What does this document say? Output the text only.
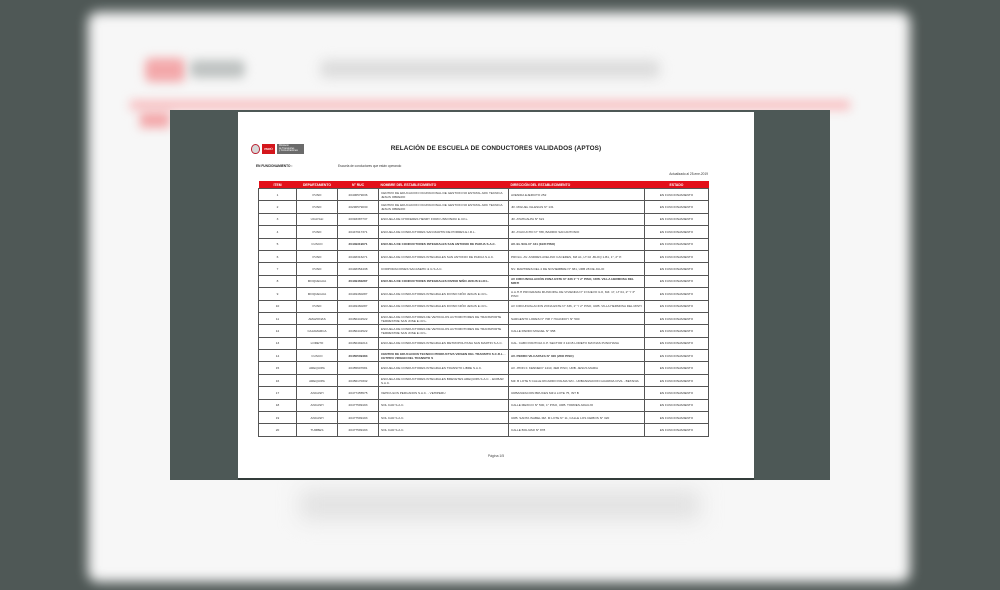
PERÚ
Ministerio
de Transportes
y Comunicaciones	RELACIÓN DE ESCUELA DE CONDUCTORES VALIDADOS (APTOS)
EN FUNCIONAMIENTO :	Escuela de conductores que están operando
Actualizado al 25-ene-2019
ITEM	DEPARTAMENTO	N° RUC	NOMBRE DEL ESTABLECIMIENTO	DIRECCIÓN DEL ESTABLECIMIENTO	ESTADO
1	PUNO	20406579036	CENTRO DE EDUCACION OCUPACIONAL DE GESTION NO ESTATAL ARC TECNICA JESUS OBRERO	AVENIDA EJERCITO 252	EN FUNCIONAMIENTO
2	PUNO	20296579030	CENTRO DE EDUCACION OCUPACIONAL DE GESTION NO ESTATAL ARC TECNICA JESUS OBRERO	JR. MIGUEL IGLESIAS N° 131	EN FUNCIONAMIENTO
3	UCAYALI	20393387737	ESCUELA DE CHOFERES HENRY FORD UNM PERU E.I.R.L.	JR. ATAHUALPA N° 621	EN FUNCIONAMIENTO
4	PUNO	20447917371	ESCUELA DE CONDUCTORES SAN MARTIN DE PORRES E.I.R.L.	JR. AYACUCHO N° 788, BARRIO SAN ANTONIO	EN FUNCIONAMIENTO
5	CUSCO	20449319071	ESCUELA DE CONDUCTORES INTEGRALES SAN ANTONIO DE PADUA S.A.C.	AV. EL SOL N° 441 (1ER PISO)	EN FUNCIONAMIENTO
6	PUNO	20448316271	ESCUELA DE CONDUCTORES INTEGRALES SAN ANTONIO DE PADUA S.A.C.	PROLG. AV. ANDRES AVELINO CACERES, MZ A1, LT 02 -BLOQ 1-B1, 1°, 2° P.	EN FUNCIONAMIENTO
7	PUNO	20448354438	CORPORACIONES SACASEHC & G S.A.C.	NV. MARTIRES DEL 4 DE NOVIEMBRE N° 381, URB 28 DE JULIO	EN FUNCIONAMIENTO
8	MOQUEGUA	20449460287	ESCUELA DE CONDUCTORES INTEGRALES DIVINO NIÑO JESUS E.I.R.L.	AV CIRCUNVALACIÓN ZONA ESTE N° 336 1° Y 2° PISO, URB. VILLA HERMOSA DEL MISTI	EN FUNCIONAMIENTO
9	MOQUEGUA	20449460287	ESCUELA DE CONDUCTORES INTEGRALES DIVINO NIÑO JESUS E.I.R.L.	A.A.H.H PROGRAMA MUNICIPAL DE VIVIENDA N° 9 NUEVO ILO, MZ. 17, LT 04, 2° Y 3° PISO	EN FUNCIONAMIENTO
10	PUNO	20449460287	ESCUELA DE CONDUCTORES INTEGRALES DIVINO NIÑO JESUS E.I.R.L.	AV CIRCUNVALACION ZONA ESTE N° 336, 1° Y 2° PISO, URB. VILLA HERMOSA DEL MISTI	EN FUNCIONAMIENTO
11	AMAZONAS	20450441522	ESCUELA DE CONDUCTORES DE VEHICULOS AUTOMOTORES DE TRANSPORTE TERRESTRE SAN JOSE E.I.R.L.	SARGENTO LORES N° 708 Y HUANDOY N° 500	EN FUNCIONAMIENTO
12	CAJAMARCA	20450441522	ESCUELA DE CONDUCTORES DE VEHICULOS AUTOMOTORES DE TRANSPORTE TERRESTRE SAN JOSE E.I.R.L.	CALLE PARDO MIGUEL N° 958	EN FUNCIONAMIENTO
13	LORETO	20450492214	ESCUELA DE CONDUCTORES INTEGRALES METROPOLITANA SAN MARTIN S.A.C.	CAL. CABO PANTOJA C.P. SECTOR 3 12/15 LORETO MAYNAS PUNCHANA	EN FUNCIONAMIENTO
14	CUSCO	20450509483	CENTRO DE EDUCACION TECNICO PRODUCTIVA VIRGEN DEL TRANSITO S.C.R.L. - CETPRO VIRGEN DEL TRANSITO S	AV. PEDRO VILCAPAZA N° 300 (2DO PISO)	EN FUNCIONAMIENTO
15	AREQUIPA	20455607681	ESCUELA DE CONDUCTORES INTEGRALES TRANSITO LIBRE S.A.C.	AV. JHON F. KENNEDY 1410, 3ER PISO, URB. JESUS MARIA	EN FUNCIONAMIENTO
16	AREQUIPA	20456170332	ESCUELA DE CONDUCTORES INTEGRALES BREVETES AREQUIPA S.A.C. - ECIBAR S.A.C.	MZ. B LOTE 5 CALLE RICARDO PALMA S/N - URBANIZACION GUARDIA CIVIL - BETANIA	EN FUNCIONAMIENTO
17	ANCASH	20477455575	VEHICULOS PERUANOS S.A.C. - VEHIPERU	URBANIZACION BRUCES MZ A LOTE 75, INT B	EN FUNCIONAMIENTO
18	ANCASH	20477599193	SOL CAR S.A.C.	CALLE MEXICO N° 500, 1° PISO, URB. TORRES ARAUJO	EN FUNCIONAMIENTO
19	ANCASH	20477599193	SOL CAR S.A.C.	URB. SANTA ISABEL MZ. M LOTE N° 11, CALLE LOS CEIBOS N° 320	EN FUNCIONAMIENTO
20	TUMBES	20477599193	SOL CAR S.A.C.	CALLE BOLIVAR N° 878	EN FUNCIONAMIENTO
Página 1/5
